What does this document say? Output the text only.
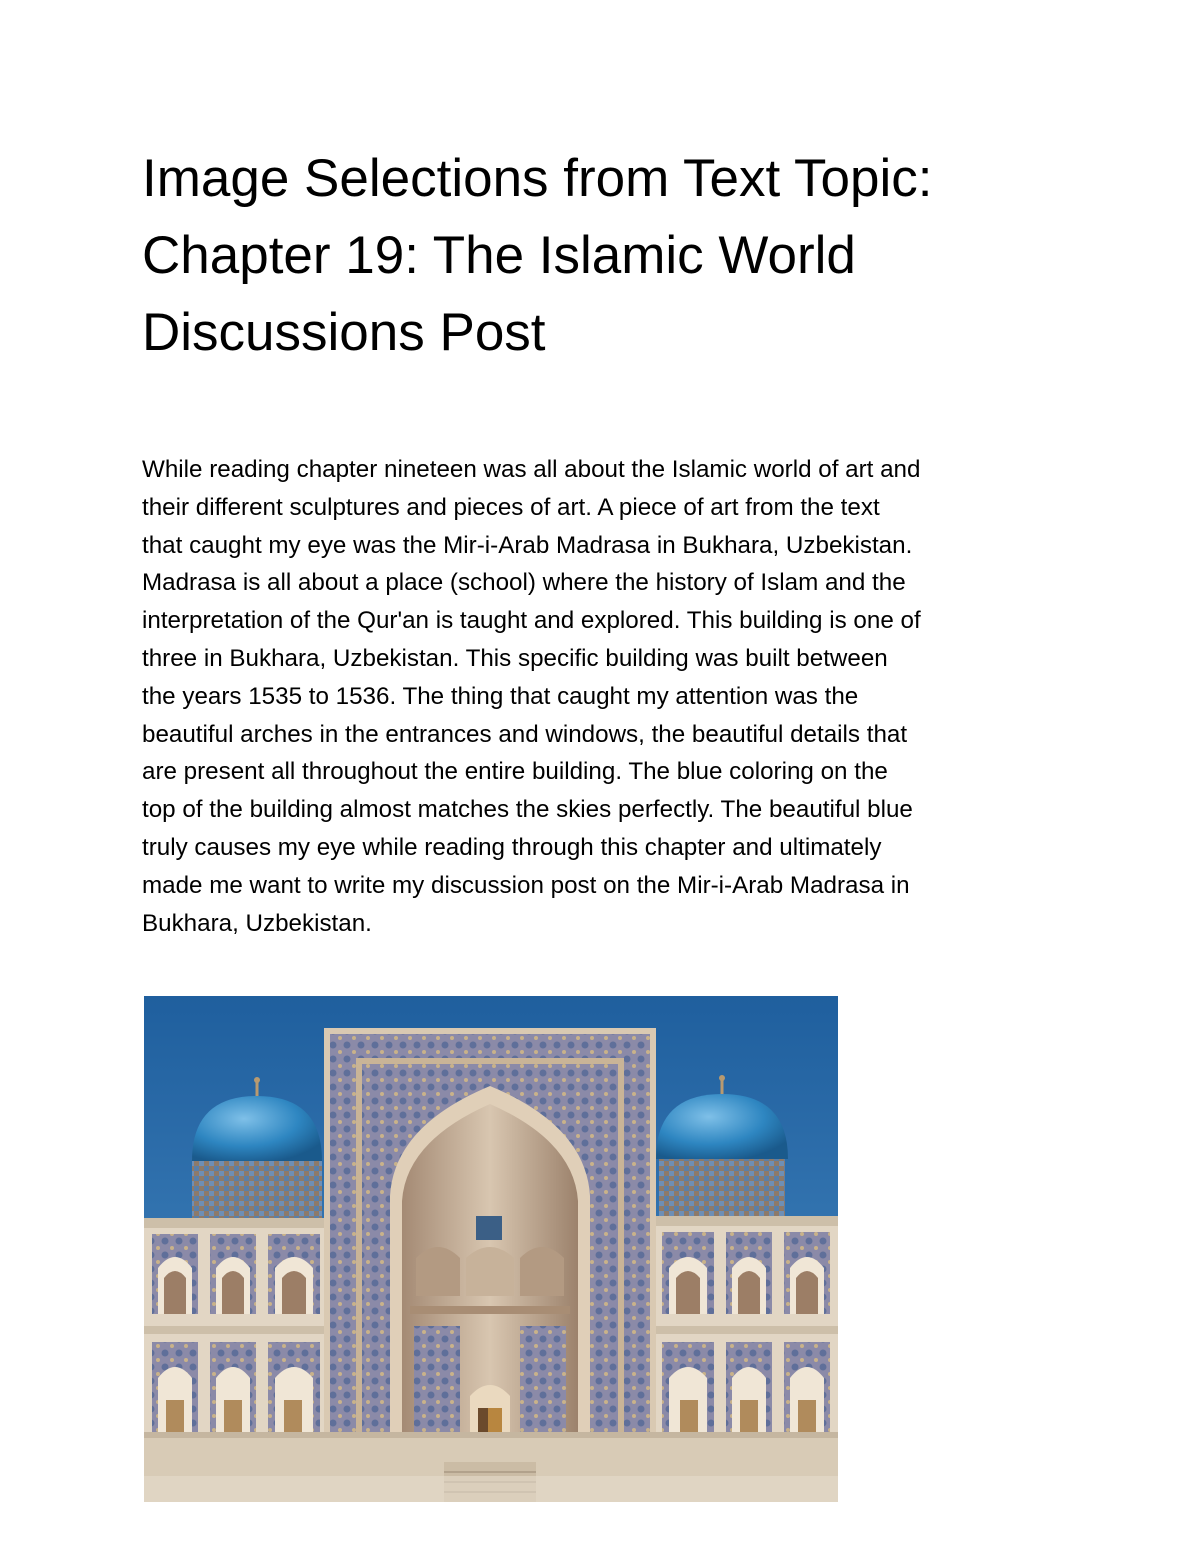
Image Selections from Text Topic:
Chapter 19: The Islamic World
Discussions Post

While reading chapter nineteen was all about the Islamic world of art and
their different sculptures and pieces of art. A piece of art from the text
that caught my eye was the Mir-i-Arab Madrasa in Bukhara, Uzbekistan.
Madrasa is all about a place (school) where the history of Islam and the
interpretation of the Qur'an is taught and explored. This building is one of
three in Bukhara, Uzbekistan. This specific building was built between
the years 1535 to 1536. The thing that caught my attention was the
beautiful arches in the entrances and windows, the beautiful details that
are present all throughout the entire building. The blue coloring on the
top of the building almost matches the skies perfectly. The beautiful blue
truly causes my eye while reading through this chapter and ultimately
made me want to write my discussion post on the Mir-i-Arab Madrasa in
Bukhara, Uzbekistan.
